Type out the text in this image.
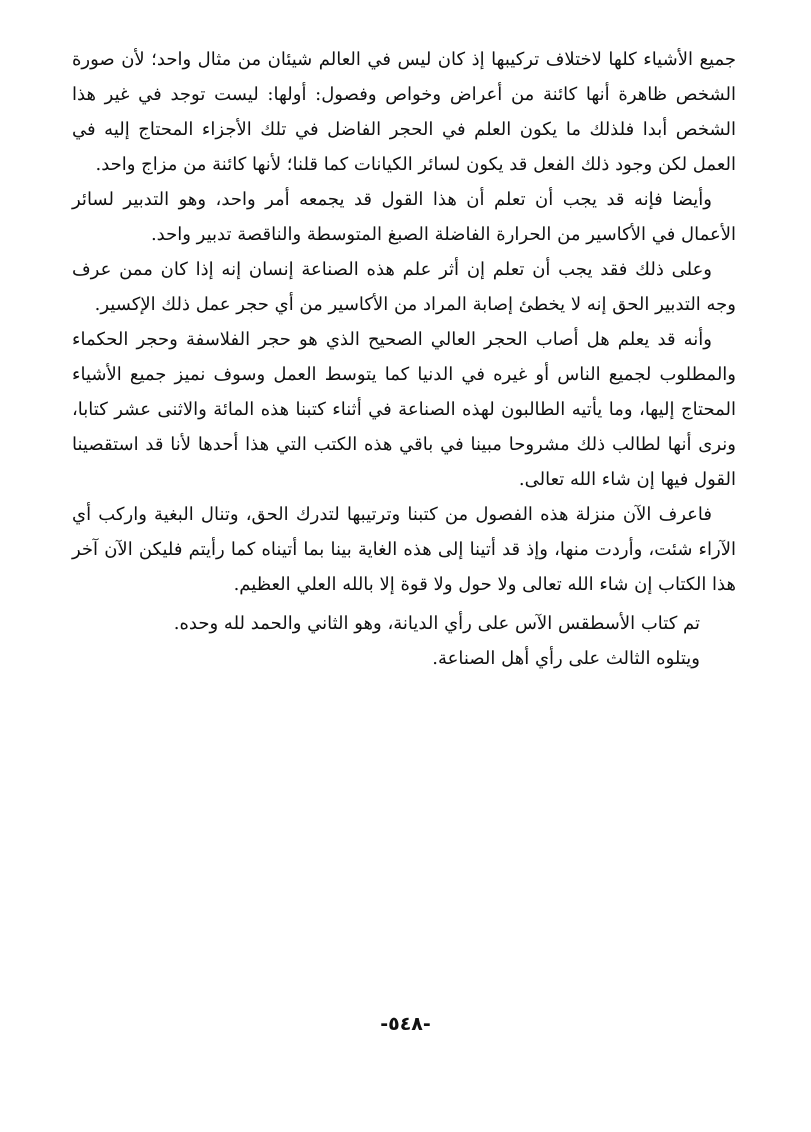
جميع الأشياء كلها لاختلاف تركيبها إذ كان ليس في العالم شيئان من مثال واحد؛ لأن صورة الشخص ظاهرة أنها كائنة من أعراض وخواص وفصول: أولها: ليست توجد في غير هذا الشخص أبدا فلذلك ما يكون العلم في الحجر الفاضل في تلك الأجزاء المحتاج إليه في العمل لكن وجود ذلك الفعل قد يكون لسائر الكيانات كما قلنا؛ لأنها كائنة من مزاج واحد.

وأيضا فإنه قد يجب أن تعلم أن هذا القول قد يجمعه أمر واحد، وهو التدبير لسائر الأعمال في الأكاسير من الحرارة الفاضلة الصبغ المتوسطة والناقصة تدبير واحد.

وعلى ذلك فقد يجب أن تعلم إن أثر علم هذه الصناعة إنسان إنه إذا كان ممن عرف وجه التدبير الحق إنه لا يخطئ إصابة المراد من الأكاسير من أي حجر عمل ذلك الإكسير.

وأنه قد يعلم هل أصاب الحجر العالي الصحيح الذي هو حجر الفلاسفة وحجر الحكماء والمطلوب لجميع الناس أو غيره في الدنيا كما يتوسط العمل وسوف نميز جميع الأشياء المحتاج إليها، وما يأتيه الطالبون لهذه الصناعة في أثناء كتبنا هذه المائة والاثنى عشر كتابا، ونرى أنها لطالب ذلك مشروحا مبينا في باقي هذه الكتب التي هذا أحدها لأنا قد استقصينا القول فيها إن شاء الله تعالى.

فاعرف الآن منزلة هذه الفصول من كتبنا وترتيبها لتدرك الحق، وتنال البغية واركب أي الآراء شئت، وأردت منها، وإذ قد أتينا إلى هذه الغاية بينا بما أتيناه كما رأيتم فليكن الآن آخر هذا الكتاب إن شاء الله تعالى ولا حول ولا قوة إلا بالله العلي العظيم.

تم كتاب الأسطقس الآس على رأي الديانة، وهو الثاني والحمد لله وحده.

ويتلوه الثالث على رأي أهل الصناعة.

-٥٤٨-
